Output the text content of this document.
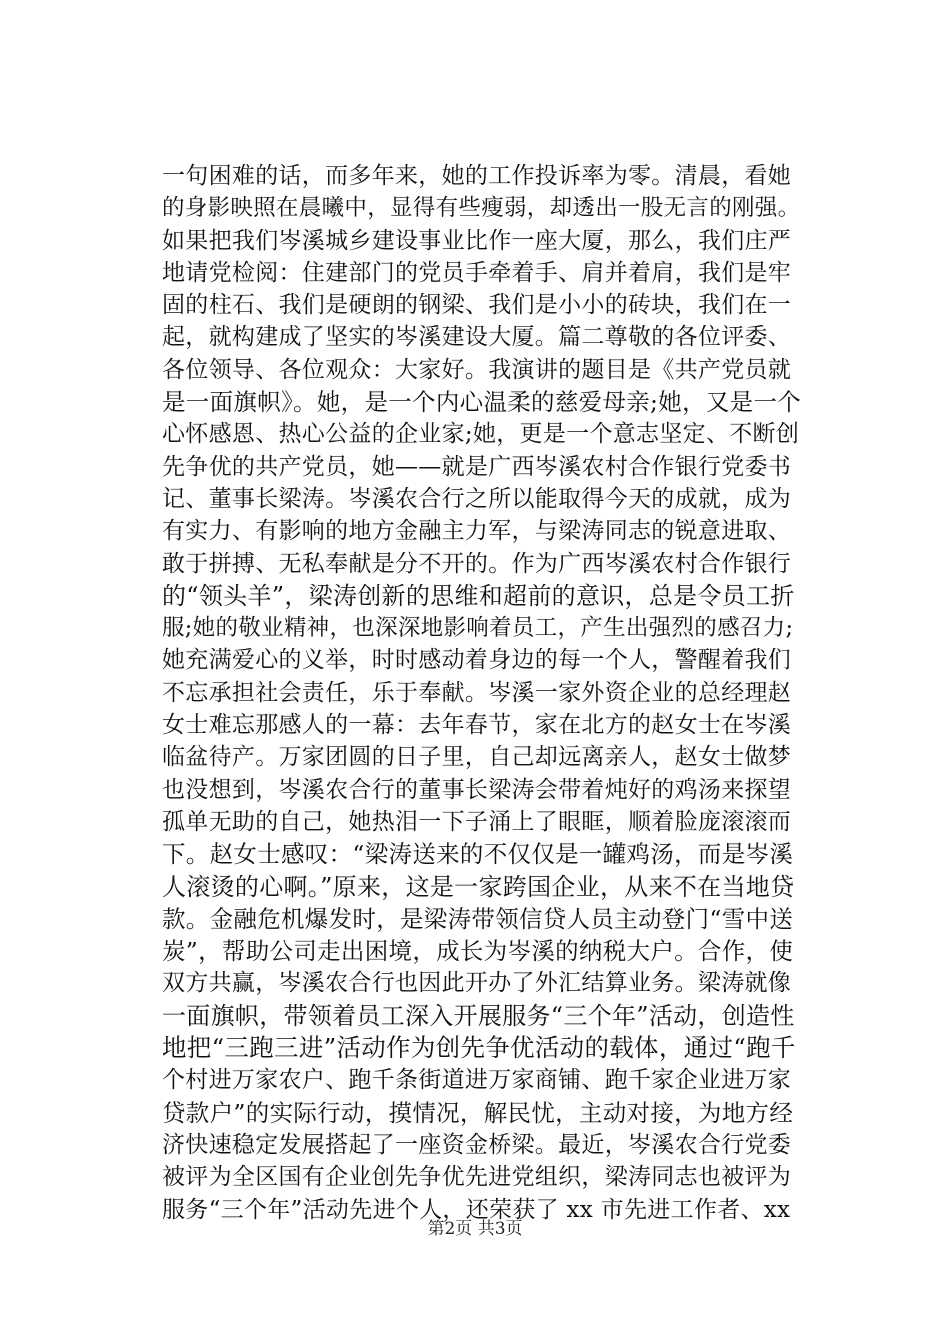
一句困难的话，而多年来，她的工作投诉率为零。清晨，看她
的身影映照在晨曦中，显得有些瘦弱，却透出一股无言的刚强。
如果把我们岑溪城乡建设事业比作一座大厦，那么，我们庄严
地请党检阅：住建部门的党员手牵着手、肩并着肩，我们是牢
固的柱石、我们是硬朗的钢梁、我们是小小的砖块，我们在一
起，就构建成了坚实的岑溪建设大厦。篇二尊敬的各位评委、
各位领导、各位观众：大家好。我演讲的题目是《共产党员就
是一面旗帜》。她，是一个内心温柔的慈爱母亲;她，又是一个
心怀感恩、热心公益的企业家;她，更是一个意志坚定、不断创
先争优的共产党员，她——就是广西岑溪农村合作银行党委书
记、董事长梁涛。岑溪农合行之所以能取得今天的成就，成为
有实力、有影响的地方金融主力军，与梁涛同志的锐意进取、
敢于拼搏、无私奉献是分不开的。作为广西岑溪农村合作银行
的“领头羊”，梁涛创新的思维和超前的意识，总是令员工折
服;她的敬业精神，也深深地影响着员工，产生出强烈的感召力;
她充满爱心的义举，时时感动着身边的每一个人，警醒着我们
不忘承担社会责任，乐于奉献。岑溪一家外资企业的总经理赵
女士难忘那感人的一幕：去年春节，家在北方的赵女士在岑溪
临盆待产。万家团圆的日子里，自己却远离亲人，赵女士做梦
也没想到，岑溪农合行的董事长梁涛会带着炖好的鸡汤来探望
孤单无助的自己，她热泪一下子涌上了眼眶，顺着脸庞滚滚而
下。赵女士感叹：“梁涛送来的不仅仅是一罐鸡汤，而是岑溪
人滚烫的心啊。”原来，这是一家跨国企业，从来不在当地贷
款。金融危机爆发时，是梁涛带领信贷人员主动登门“雪中送
炭”，帮助公司走出困境，成长为岑溪的纳税大户。合作，使
双方共赢，岑溪农合行也因此开办了外汇结算业务。梁涛就像
一面旗帜，带领着员工深入开展服务“三个年”活动，创造性
地把“三跑三进”活动作为创先争优活动的载体，通过“跑千
个村进万家农户、跑千条街道进万家商铺、跑千家企业进万家
贷款户”的实际行动，摸情况，解民忧，主动对接，为地方经
济快速稳定发展搭起了一座资金桥梁。最近，岑溪农合行党委
被评为全区国有企业创先争优先进党组织，梁涛同志也被评为
服务“三个年”活动先进个人，还荣获了 xx 市先进工作者、xx
第2页 共3页
